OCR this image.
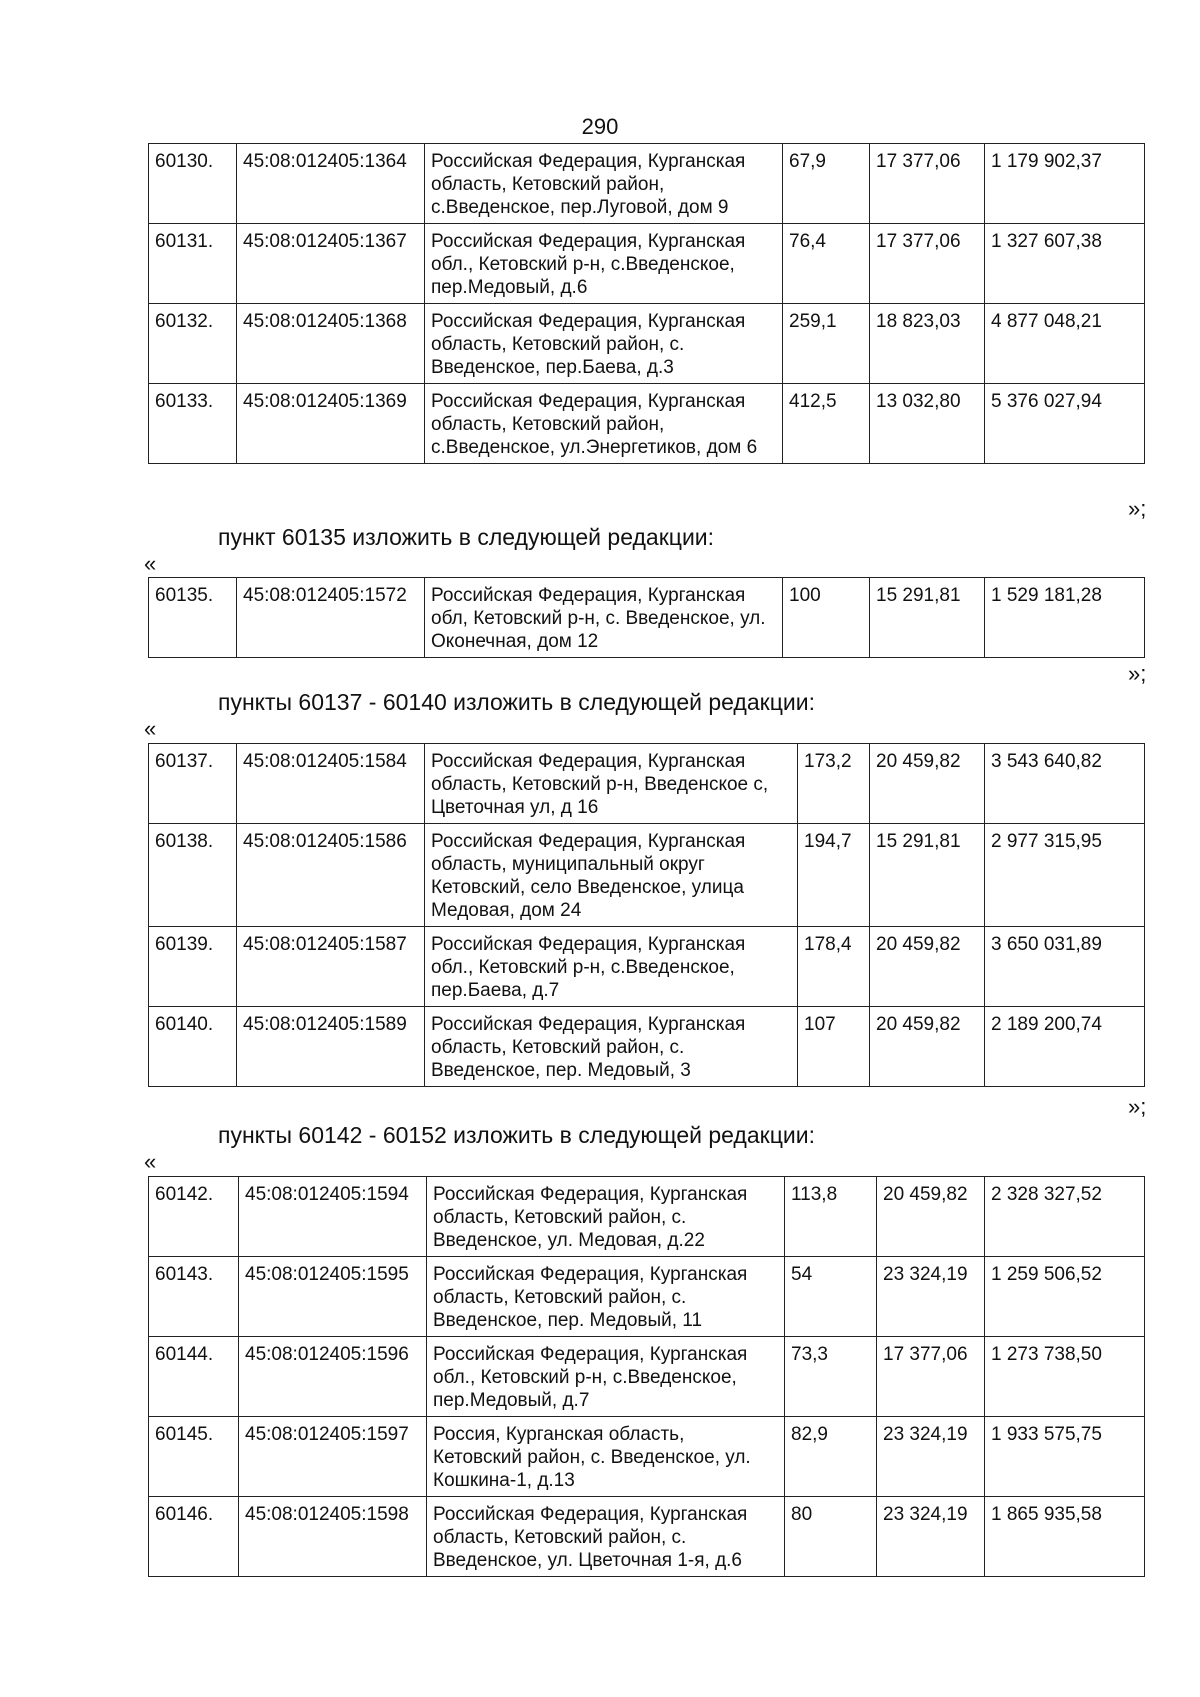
290
60130.	45:08:012405:1364	Российская Федерация, Курганская область, Кетовский район, с.Введенское, пер.Луговой, дом 9	67,9	17 377,06	1 179 902,37
60131.	45:08:012405:1367	Российская Федерация, Курганская обл., Кетовский р-н, с.Введенское, пер.Медовый, д.6	76,4	17 377,06	1 327 607,38
60132.	45:08:012405:1368	Российская Федерация, Курганская область, Кетовский район, с. Введенское, пер.Баева, д.3	259,1	18 823,03	4 877 048,21
60133.	45:08:012405:1369	Российская Федерация, Курганская область, Кетовский район, с.Введенское, ул.Энергетиков, дом 6	412,5	13 032,80	5 376 027,94
»;
пункт 60135 изложить в следующей редакции:
«
60135.	45:08:012405:1572	Российская Федерация, Курганская обл, Кетовский р-н, с. Введенское, ул. Оконечная, дом 12	100	15 291,81	1 529 181,28
»;
пункты 60137 - 60140 изложить в следующей редакции:
«
60137.	45:08:012405:1584	Российская Федерация, Курганская область, Кетовский р-н, Введенское с, Цветочная ул, д 16	173,2	20 459,82	3 543 640,82
60138.	45:08:012405:1586	Российская Федерация, Курганская область, муниципальный округ Кетовский, село Введенское, улица Медовая, дом 24	194,7	15 291,81	2 977 315,95
60139.	45:08:012405:1587	Российская Федерация, Курганская обл., Кетовский р-н, с.Введенское, пер.Баева, д.7	178,4	20 459,82	3 650 031,89
60140.	45:08:012405:1589	Российская Федерация, Курганская область, Кетовский район, с. Введенское, пер. Медовый, 3	107	20 459,82	2 189 200,74
»;
пункты 60142 - 60152 изложить в следующей редакции:
«
60142.	45:08:012405:1594	Российская Федерация, Курганская область, Кетовский район, с. Введенское, ул. Медовая, д.22	113,8	20 459,82	2 328 327,52
60143.	45:08:012405:1595	Российская Федерация, Курганская область, Кетовский район, с. Введенское, пер. Медовый, 11	54	23 324,19	1 259 506,52
60144.	45:08:012405:1596	Российская Федерация, Курганская обл., Кетовский р-н, с.Введенское, пер.Медовый, д.7	73,3	17 377,06	1 273 738,50
60145.	45:08:012405:1597	Россия, Курганская область, Кетовский район, с. Введенское, ул. Кошкина-1, д.13	82,9	23 324,19	1 933 575,75
60146.	45:08:012405:1598	Российская Федерация, Курганская область, Кетовский район, с. Введенское, ул. Цветочная 1-я, д.6	80	23 324,19	1 865 935,58
